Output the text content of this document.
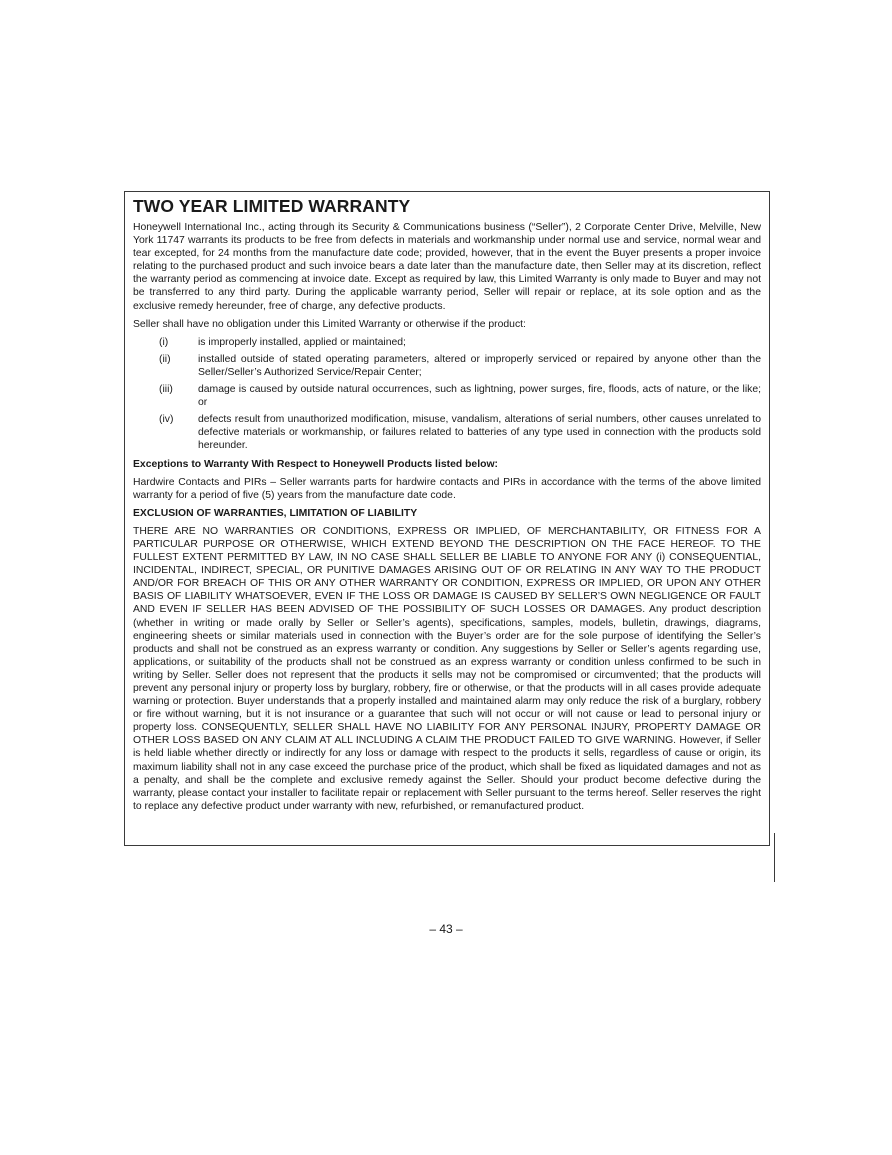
TWO YEAR LIMITED WARRANTY

Honeywell International Inc., acting through its Security & Communications business (“Seller”), 2 Corporate Center Drive, Melville, New York 11747 warrants its products to be free from defects in materials and workmanship under normal use and service, normal wear and tear excepted, for 24 months from the manufacture date code; provided, however, that in the event the Buyer presents a proper invoice relating to the purchased product and such invoice bears a date later than the manufacture date, then Seller may at its discretion, reflect the warranty period as commencing at invoice date. Except as required by law, this Limited Warranty is only made to Buyer and may not be transferred to any third party. During the applicable warranty period, Seller will repair or replace, at its sole option and as the exclusive remedy hereunder, free of charge, any defective products.

Seller shall have no obligation under this Limited Warranty or otherwise if the product:

(i)	is improperly installed, applied or maintained;
(ii)	installed outside of stated operating parameters, altered or improperly serviced or repaired by anyone other than the Seller/Seller’s Authorized Service/Repair Center;
(iii)	damage is caused by outside natural occurrences, such as lightning, power surges, fire, floods, acts of nature, or the like; or
(iv)	defects result from unauthorized modification, misuse, vandalism, alterations of serial numbers, other causes unrelated to defective materials or workmanship, or failures related to batteries of any type used in connection with the products sold hereunder.

Exceptions to Warranty With Respect to Honeywell Products listed below:

Hardwire Contacts and PIRs – Seller warrants parts for hardwire contacts and PIRs in accordance with the terms of the above limited warranty for a period of five (5) years from the manufacture date code.

EXCLUSION OF WARRANTIES, LIMITATION OF LIABILITY

THERE ARE NO WARRANTIES OR CONDITIONS, EXPRESS OR IMPLIED, OF MERCHANTABILITY, OR FITNESS FOR A PARTICULAR PURPOSE OR OTHERWISE, WHICH EXTEND BEYOND THE DESCRIPTION ON THE FACE HEREOF. TO THE FULLEST EXTENT PERMITTED BY LAW, IN NO CASE SHALL SELLER BE LIABLE TO ANYONE FOR ANY (i) CONSEQUENTIAL, INCIDENTAL, INDIRECT, SPECIAL, OR PUNITIVE DAMAGES ARISING OUT OF OR RELATING IN ANY WAY TO THE PRODUCT AND/OR FOR BREACH OF THIS OR ANY OTHER WARRANTY OR CONDITION, EXPRESS OR IMPLIED, OR UPON ANY OTHER BASIS OF LIABILITY WHATSOEVER, EVEN IF THE LOSS OR DAMAGE IS CAUSED BY SELLER’S OWN NEGLIGENCE OR FAULT AND EVEN IF SELLER HAS BEEN ADVISED OF THE POSSIBILITY OF SUCH LOSSES OR DAMAGES. Any product description (whether in writing or made orally by Seller or Seller’s agents), specifications, samples, models, bulletin, drawings, diagrams, engineering sheets or similar materials used in connection with the Buyer’s order are for the sole purpose of identifying the Seller’s products and shall not be construed as an express warranty or condition. Any suggestions by Seller or Seller’s agents regarding use, applications, or suitability of the products shall not be construed as an express warranty or condition unless confirmed to be such in writing by Seller. Seller does not represent that the products it sells may not be compromised or circumvented; that the products will prevent any personal injury or property loss by burglary, robbery, fire or otherwise, or that the products will in all cases provide adequate warning or protection. Buyer understands that a properly installed and maintained alarm may only reduce the risk of a burglary, robbery or fire without warning, but it is not insurance or a guarantee that such will not occur or will not cause or lead to personal injury or property loss. CONSEQUENTLY, SELLER SHALL HAVE NO LIABILITY FOR ANY PERSONAL INJURY, PROPERTY DAMAGE OR OTHER LOSS BASED ON ANY CLAIM AT ALL INCLUDING A CLAIM THE PRODUCT FAILED TO GIVE WARNING. However, if Seller is held liable whether directly or indirectly for any loss or damage with respect to the products it sells, regardless of cause or origin, its maximum liability shall not in any case exceed the purchase price of the product, which shall be fixed as liquidated damages and not as a penalty, and shall be the complete and exclusive remedy against the Seller. Should your product become defective during the warranty, please contact your installer to facilitate repair or replacement with Seller pursuant to the terms hereof. Seller reserves the right to replace any defective product under warranty with new, refurbished, or remanufactured product.

– 43 –
